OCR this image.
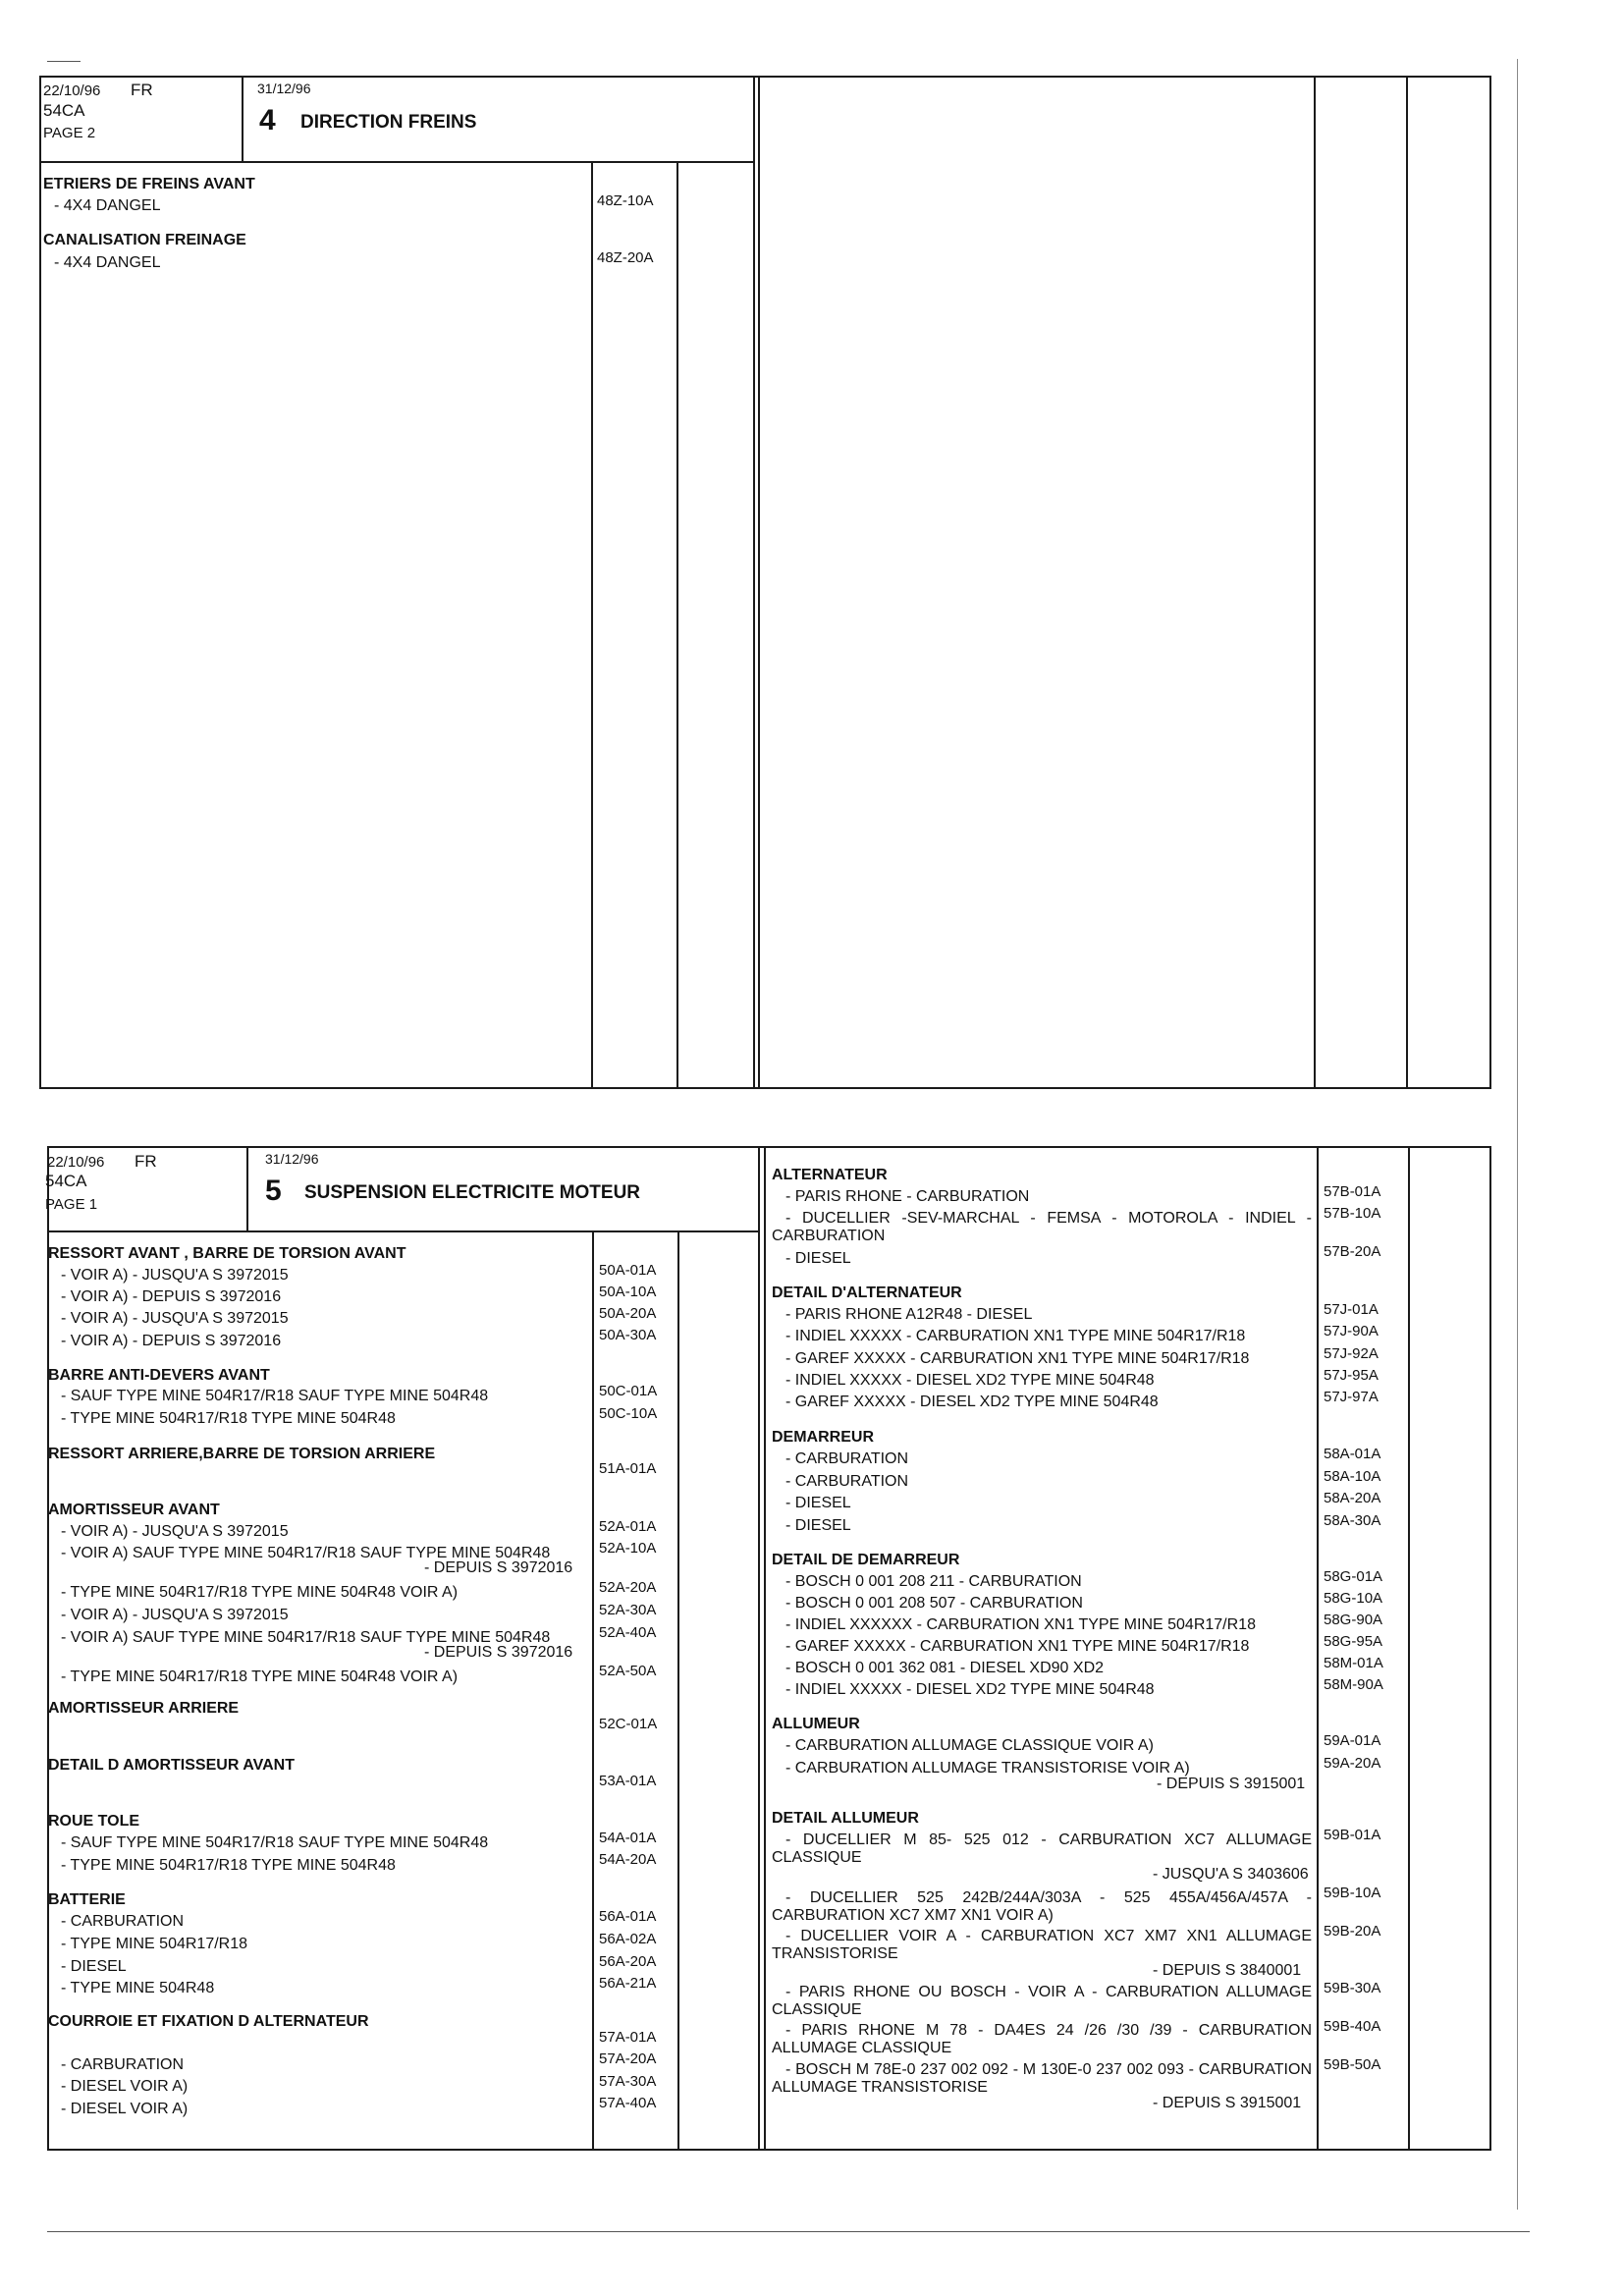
22/10/96 FR
54CA
PAGE 2
31/12/96
4 DIRECTION FREINS
ETRIERS DE FREINS AVANT
- 4X4 DANGEL	48Z-10A
CANALISATION FREINAGE
- 4X4 DANGEL	48Z-20A
22/10/96 FR
54CA
PAGE 1
31/12/96
5 SUSPENSION ELECTRICITE MOTEUR
RESSORT AVANT , BARRE DE TORSION AVANT
- VOIR A) - JUSQU'A S 3972015	50A-01A
- VOIR A) - DEPUIS S 3972016	50A-10A
- VOIR A) - JUSQU'A S 3972015	50A-20A
- VOIR A) - DEPUIS S 3972016	50A-30A
BARRE ANTI-DEVERS AVANT
- SAUF TYPE MINE 504R17/R18 SAUF TYPE MINE 504R48	50C-01A
- TYPE MINE 504R17/R18 TYPE MINE 504R48	50C-10A
RESSORT ARRIERE,BARRE DE TORSION ARRIERE
51A-01A
AMORTISSEUR AVANT
- VOIR A) - JUSQU'A S 3972015	52A-01A
- VOIR A) SAUF TYPE MINE 504R17/R18 SAUF TYPE MINE 504R48	52A-10A
- DEPUIS S 3972016
- TYPE MINE 504R17/R18 TYPE MINE 504R48 VOIR A)	52A-20A
- VOIR A) - JUSQU'A S 3972015	52A-30A
- VOIR A) SAUF TYPE MINE 504R17/R18 SAUF TYPE MINE 504R48	52A-40A
- DEPUIS S 3972016
- TYPE MINE 504R17/R18 TYPE MINE 504R48 VOIR A)	52A-50A
AMORTISSEUR ARRIERE
52C-01A
DETAIL D AMORTISSEUR AVANT
53A-01A
ROUE TOLE
- SAUF TYPE MINE 504R17/R18 SAUF TYPE MINE 504R48	54A-01A
- TYPE MINE 504R17/R18 TYPE MINE 504R48	54A-20A
BATTERIE
- CARBURATION	56A-01A
- TYPE MINE 504R17/R18	56A-02A
- DIESEL	56A-20A
- TYPE MINE 504R48	56A-21A
COURROIE ET FIXATION D ALTERNATEUR
57A-01A
- CARBURATION	57A-20A
- DIESEL VOIR A)	57A-30A
- DIESEL VOIR A)	57A-40A
ALTERNATEUR
- PARIS RHONE - CARBURATION	57B-01A
- DUCELLIER -SEV-MARCHAL - FEMSA - MOTOROLA - INDIEL - CARBURATION
57B-10A
- DIESEL	57B-20A
DETAIL D'ALTERNATEUR
- PARIS RHONE A12R48 - DIESEL	57J-01A
- INDIEL XXXXX - CARBURATION XN1 TYPE MINE 504R17/R18	57J-90A
- GAREF XXXXX - CARBURATION XN1 TYPE MINE 504R17/R18	57J-92A
- INDIEL XXXXX - DIESEL XD2 TYPE MINE 504R48	57J-95A
- GAREF XXXXX - DIESEL XD2 TYPE MINE 504R48	57J-97A
DEMARREUR
- CARBURATION	58A-01A
- CARBURATION	58A-10A
- DIESEL	58A-20A
- DIESEL	58A-30A
DETAIL DE DEMARREUR
- BOSCH 0 001 208 211 - CARBURATION	58G-01A
- BOSCH 0 001 208 507 - CARBURATION	58G-10A
- INDIEL XXXXXX - CARBURATION XN1 TYPE MINE 504R17/R18	58G-90A
- GAREF XXXXX - CARBURATION XN1 TYPE MINE 504R17/R18	58G-95A
- BOSCH 0 001 362 081 - DIESEL XD90 XD2	58M-01A
- INDIEL XXXXX - DIESEL XD2 TYPE MINE 504R48	58M-90A
ALLUMEUR
- CARBURATION ALLUMAGE CLASSIQUE VOIR A)	59A-01A
- CARBURATION ALLUMAGE TRANSISTORISE VOIR A)	59A-20A
- DEPUIS S 3915001
DETAIL ALLUMEUR
- DUCELLIER M 85- 525 012 - CARBURATION XC7 ALLUMAGE CLASSIQUE
59B-01A
- JUSQU'A S 3403606
- DUCELLIER 525 242B/244A/303A - 525 455A/456A/457A - CARBURATION XC7 XM7 XN1 VOIR A)
59B-10A
- DUCELLIER VOIR A - CARBURATION XC7 XM7 XN1 ALLUMAGE TRANSISTORISE
59B-20A
- DEPUIS S 3840001
- PARIS RHONE OU BOSCH - VOIR A - CARBURATION ALLUMAGE CLASSIQUE
59B-30A
- PARIS RHONE M 78 - DA4ES 24 /26 /30 /39 - CARBURATION ALLUMAGE CLASSIQUE
59B-40A
- BOSCH M 78E-0 237 002 092 - M 130E-0 237 002 093 - CARBURATION ALLUMAGE TRANSISTORISE
59B-50A
- DEPUIS S 3915001
